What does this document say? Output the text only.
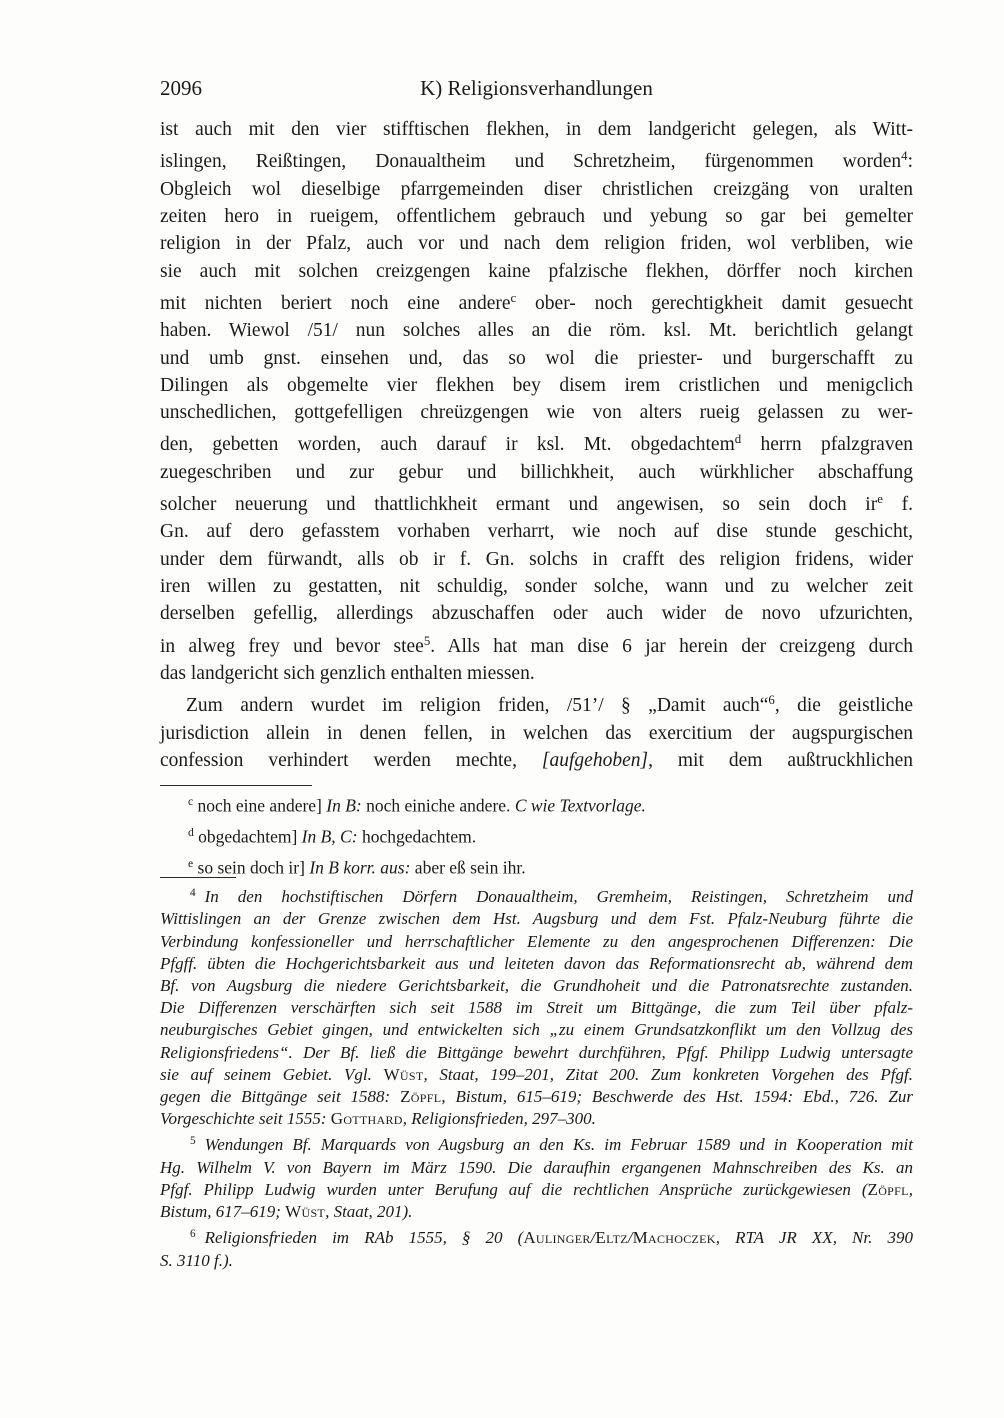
2096	K) Religionsverhandlungen
ist auch mit den vier stifftischen flekhen, in dem landgericht gelegen, als Witt-
islingen, Reißtingen, Donaualtheim und Schretzheim, fürgenommen worden$^4$:
Obgleich wol dieselbige pfarrgemeinden diser christlichen creizgäng von uralten
zeiten hero in rueigem, offentlichem gebrauch und yebung so gar bei gemelter
religion in der Pfalz, auch vor und nach dem religion friden, wol verbliben, wie
sie auch mit solchen creizgengen kaine pfalzische flekhen, dörffer noch kirchen
mit nichten beriert noch eine andere$^c$ ober- noch gerechtigkheit damit gesuecht
haben. Wiewol /51/ nun solches alles an die röm. ksl. Mt. berichtlich gelangt
und umb gnst. einsehen und, das so wol die priester- und burgerschafft zu
Dilingen als obgemelte vier flekhen bey disem irem cristlichen und menigclich
unschedlichen, gottgefelligen chreüzgengen wie von alters rueig gelassen zu wer-
den, gebetten worden, auch darauf ir ksl. Mt. obgedachtem$^d$ herrn pfalzgraven
zuegeschriben und zur gebur und billichkheit, auch würkhlicher abschaffung
solcher neuerung und thattlichkheit ermant und angewisen, so sein doch $ir^e$ f.
Gn. auf dero gefasstem vorhaben verharrt, wie noch auf dise stunde geschicht,
under dem fürwandt, alls ob ir f. Gn. solchs in crafft des religion fridens, wider
iren willen zu gestatten, nit schuldig, sonder solche, wann und zu welcher zeit
derselben gefellig, allerdings abzuschaffen oder auch wider de novo ufzurichten,
in alweg frey und bevor stee$^5$. Alls hat man dise 6 jar herein der creizgeng durch
das landgericht sich genzlich enthalten miessen.
Zum andern wurdet im religion friden, /51’/ § „Damit auch“$^6$, die geistliche
jurisdiction allein in denen fellen, in welchen das exercitium der augspurgischen
confession verhindert werden mechte, [aufgehoben], mit dem außtruckhlichen
$^c$ noch eine andere] In B: noch einiche andere. C wie Textvorlage.
$^d$ obgedachtem] In B, C: hochgedachtem.
$^e$ so sein doch ir] In B korr. aus: aber eß sein ihr.
$^4$ In den hochstiftischen Dörfern Donaualtheim, Gremheim, Reistingen, Schretzheim und
Wittislingen an der Grenze zwischen dem Hst. Augsburg und dem Fst. Pfalz-Neuburg führte die
Verbindung konfessioneller und herrschaftlicher Elemente zu den angesprochenen Differenzen: Die
Pfgff. übten die Hochgerichtsbarkeit aus und leiteten davon das Reformationsrecht ab, während dem
Bf. von Augsburg die niedere Gerichtsbarkeit, die Grundhoheit und die Patronatsrechte zustanden.
Die Differenzen verschärften sich seit 1588 im Streit um Bittgänge, die zum Teil über pfalz-
neuburgisches Gebiet gingen, und entwickelten sich „zu einem Grundsatzkonflikt um den Vollzug des
Religionsfriedens“. Der Bf. ließ die Bittgänge bewehrt durchführen, Pfgf. Philipp Ludwig untersagte
sie auf seinem Gebiet. Vgl. Wüst, Staat, 199–201, Zitat 200. Zum konkreten Vorgehen des Pfgf.
gegen die Bittgänge seit 1588: Zöpfl, Bistum, 615–619; Beschwerde des Hst. 1594: Ebd., 726. Zur
Vorgeschichte seit 1555: Gotthard, Religionsfrieden, 297–300.
$^5$ Wendungen Bf. Marquards von Augsburg an den Ks. im Februar 1589 und in Kooperation mit
Hg. Wilhelm V. von Bayern im März 1590. Die daraufhin ergangenen Mahnschreiben des Ks. an
Pfgf. Philipp Ludwig wurden unter Berufung auf die rechtlichen Ansprüche zurückgewiesen (Zöpfl,
Bistum, 617–619; Wüst, Staat, 201).
$^6$ Religionsfrieden im RAb 1555, § 20 (Aulinger/Eltz/Machoczek, RTA JR XX, Nr. 390
S. 3110 f.).
